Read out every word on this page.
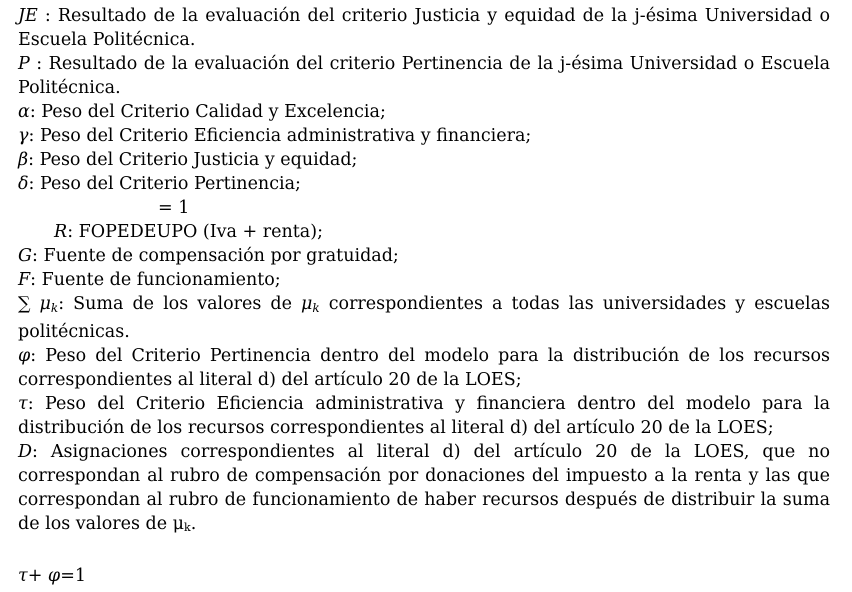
JE : Resultado de la evaluación del criterio Justicia y equidad de la j-ésima Universidad o Escuela Politécnica.

P : Resultado de la evaluación del criterio Pertinencia de la j-ésima Universidad o Escuela Politécnica.

α: Peso del Criterio Calidad y Excelencia;

γ: Peso del Criterio Eficiencia administrativa y financiera;

β: Peso del Criterio Justicia y equidad;

δ: Peso del Criterio Pertinencia;

= 1

R: FOPEDEUPO (Iva + renta);

G: Fuente de compensación por gratuidad;

F: Fuente de funcionamiento;

∑ $\mu_k$: Suma de los valores de $\mu_k$ correspondientes a todas las universidades y escuelas politécnicas.

φ: Peso del Criterio Pertinencia dentro del modelo para la distribución de los recursos correspondientes al literal d) del artículo 20 de la LOES;

τ: Peso del Criterio Eficiencia administrativa y financiera dentro del modelo para la distribución de los recursos correspondientes al literal d) del artículo 20 de la LOES;

D: Asignaciones correspondientes al literal d) del artículo 20 de la LOES, que no correspondan al rubro de compensación por donaciones del impuesto a la renta y las que correspondan al rubro de funcionamiento de haber recursos después de distribuir la suma de los valores de μk.

τ+ φ=1
